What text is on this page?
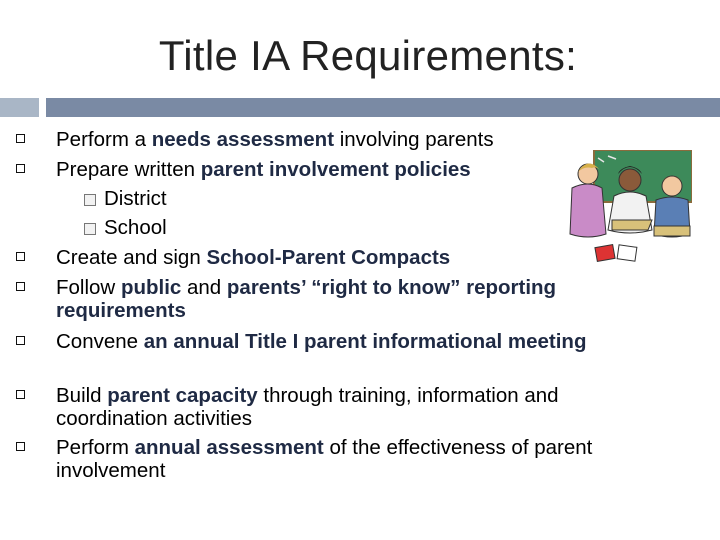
Title IA Requirements:
Perform a needs assessment involving parents
Prepare written parent involvement policies
District
School
Create and sign School-Parent Compacts
Follow public and parents’ “right to know” reporting requirements
Convene an annual Title I parent informational meeting
Build parent capacity through training, information and coordination activities
Perform annual assessment of the effectiveness of parent involvement
